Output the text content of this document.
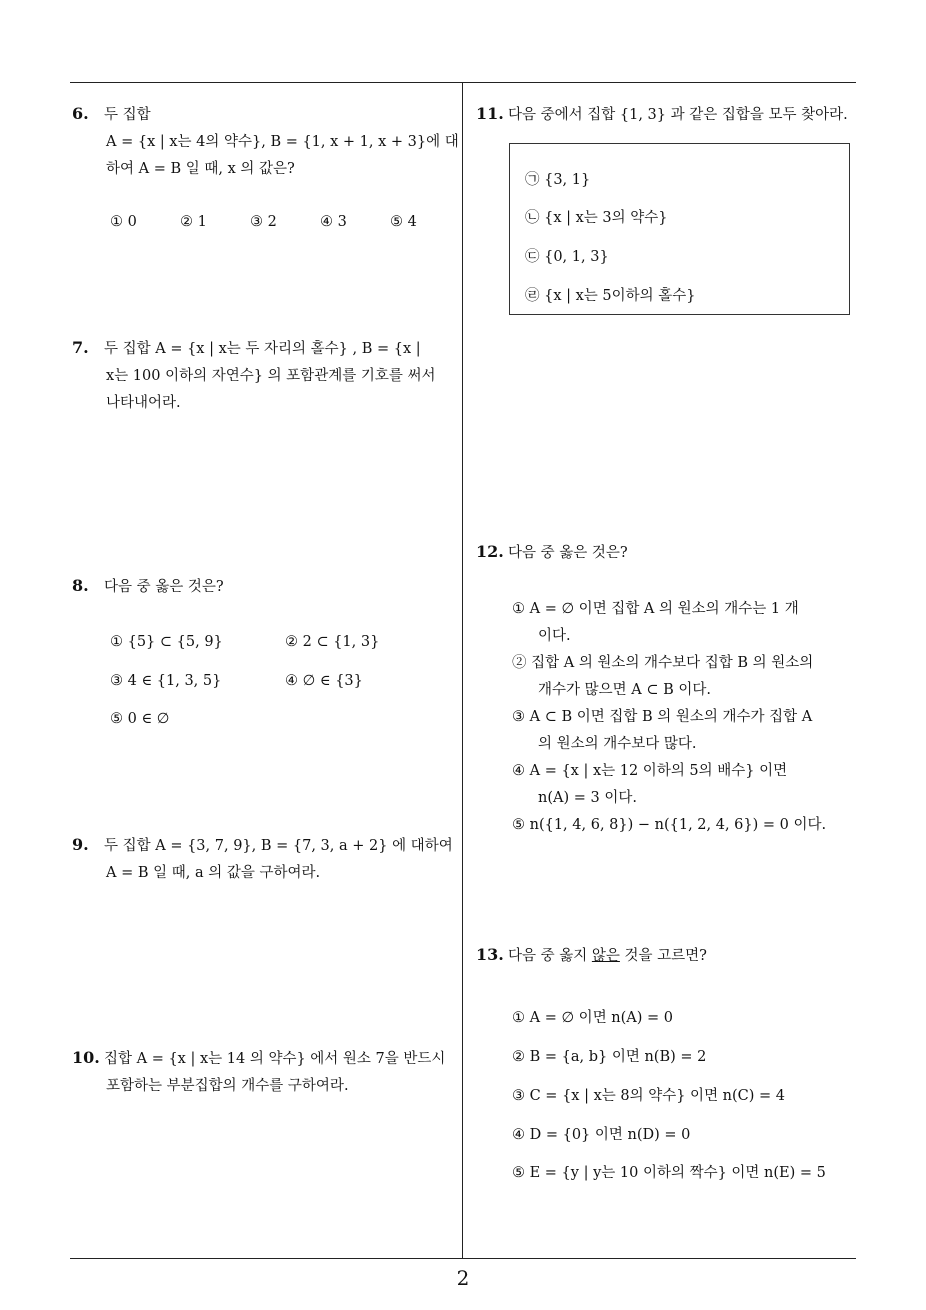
2
6. 두 집합
A = {x | x는 4의 약수}, B = {1, x + 1, x + 3}에 대
하여 A = B 일 때, x 의 값은?
① 0	② 1	③ 2	④ 3	⑤ 4
7. 두 집합 A = {x | x는 두 자리의 홀수} , B = {x |
x는 100 이하의 자연수} 의 포함관계를 기호를 써서
나타내어라.
8. 다음 중 옳은 것은?
① {5} ⊂ {5, 9}	② 2 ⊂ {1, 3}
③ 4 ∈ {1, 3, 5}	④ ∅ ∈ {3}
⑤ 0 ∈ ∅
9. 두 집합 A = {3, 7, 9}, B = {7, 3, a + 2} 에 대하여
A = B 일 때, a 의 값을 구하여라.
10. 집합 A = {x | x는 14 의 약수} 에서 원소 7을 반드시
포함하는 부분집합의 개수를 구하여라.
11. 다음 중에서 집합 {1, 3} 과 같은 집합을 모두 찾아라.
㉠ {3, 1}
㉡ {x | x는 3의 약수}
㉢ {0, 1, 3}
㉣ {x | x는 5이하의 홀수}
12. 다음 중 옳은 것은?
① A = ∅ 이면 집합 A 의 원소의 개수는 1 개
이다.
② 집합 A 의 원소의 개수보다 집합 B 의 원소의
개수가 많으면 A ⊂ B 이다.
③ A ⊂ B 이면 집합 B 의 원소의 개수가 집합 A
의 원소의 개수보다 많다.
④ A = {x | x는 12 이하의 5의 배수} 이면
n(A) = 3 이다.
⑤ n({1, 4, 6, 8}) − n({1, 2, 4, 6}) = 0 이다.
13. 다음 중 옳지 않은 것을 고르면?
① A = ∅ 이면 n(A) = 0
② B = {a, b} 이면 n(B) = 2
③ C = {x | x는 8의 약수} 이면 n(C) = 4
④ D = {0} 이면 n(D) = 0
⑤ E = {y | y는 10 이하의 짝수} 이면 n(E) = 5
